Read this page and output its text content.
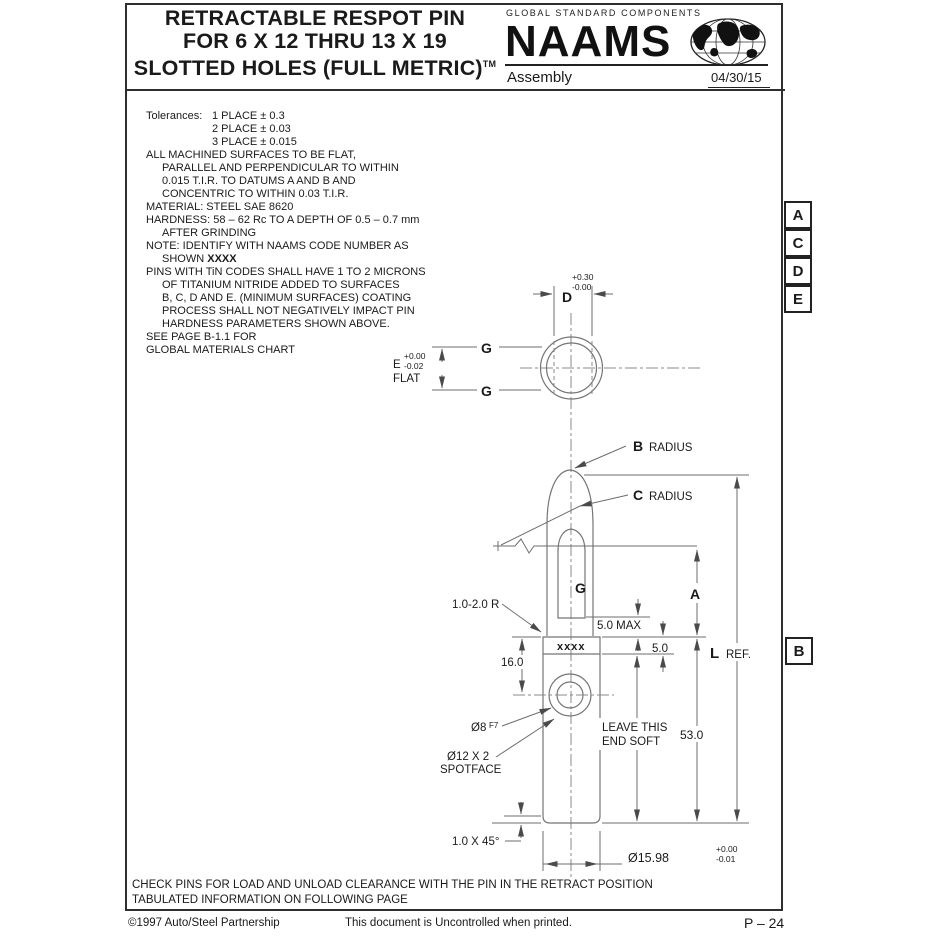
RETRACTABLE RESPOT PIN
FOR 6 X 12 THRU 13 X 19
SLOTTED HOLES (FULL METRIC)™
GLOBAL STANDARD COMPONENTS
NAAMS
Assembly	04/30/15
D
+0.30
-0.00
G
G
E
+0.00
-0.02
FLAT
B RADIUS
C RADIUS
G
1.0-2.0 R
5.0 MAX
xxxx	5.0
16.0
A
L REF.
Ø8 F7
Ø12 X 2
SPOTFACE
LEAVE THIS
END SOFT 53.0
1.0 X 45°
Ø15.98
+0.00
-0.01
Tolerances: 1 PLACE ± 0.3
2 PLACE ± 0.03
3 PLACE ± 0.015
ALL MACHINED SURFACES TO BE FLAT,
PARALLEL AND PERPENDICULAR TO WITHIN
0.015 T.I.R. TO DATUMS A AND B AND
CONCENTRIC TO WITHIN 0.03 T.I.R.
MATERIAL: STEEL SAE 8620
HARDNESS: 58 – 62 Rc TO A DEPTH OF 0.5 – 0.7 mm
AFTER GRINDING
NOTE: IDENTIFY WITH NAAMS CODE NUMBER AS
SHOWN XXXX
PINS WITH TiN CODES SHALL HAVE 1 TO 2 MICRONS
OF TITANIUM NITRIDE ADDED TO SURFACES
B, C, D AND E. (MINIMUM SURFACES) COATING
PROCESS SHALL NOT NEGATIVELY IMPACT PIN
HARDNESS PARAMETERS SHOWN ABOVE.
SEE PAGE B-1.1 FOR
GLOBAL MATERIALS CHART
A
C
D
E
B
CHECK PINS FOR LOAD AND UNLOAD CLEARANCE WITH THE PIN IN THE RETRACT POSITION
TABULATED INFORMATION ON FOLLOWING PAGE
©1997 Auto/Steel Partnership	This document is Uncontrolled when printed.	P – 24
